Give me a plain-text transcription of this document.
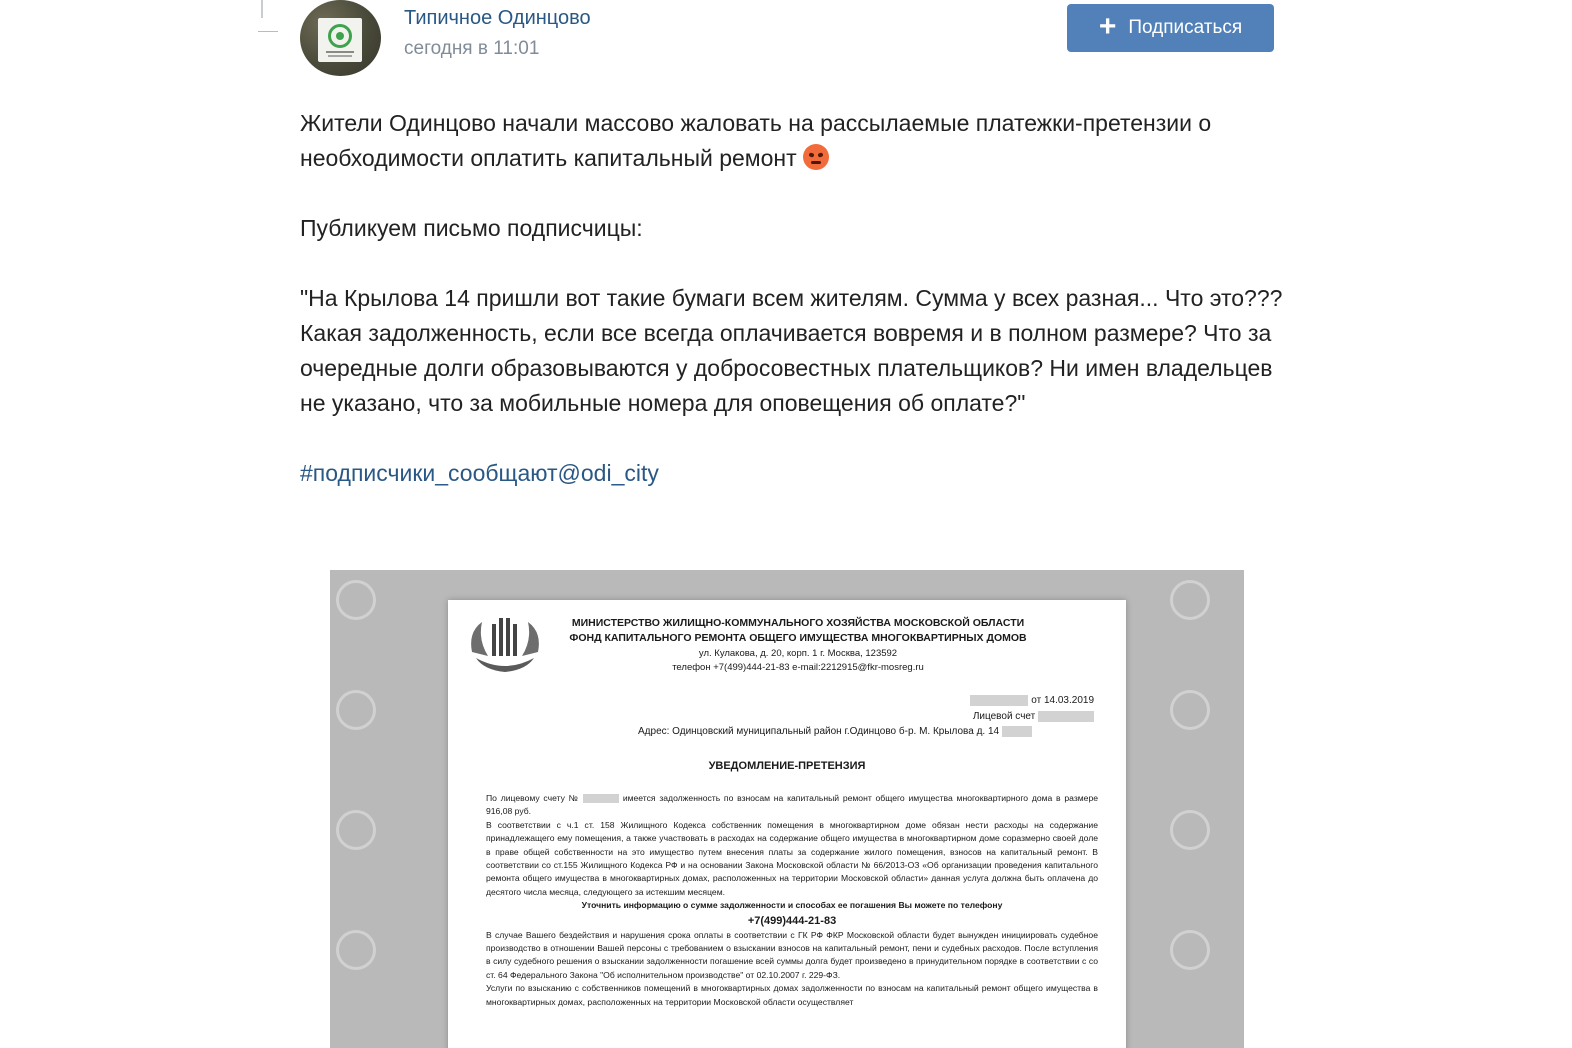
Типичное Одинцово
сегодня в 11:01
+ Подписаться
Жители Одинцово начали массово жаловать на рассылаемые платежки-претензии о необходимости оплатить капитальный ремонт
Публикуем письмо подписчицы:
"На Крылова 14 пришли вот такие бумаги всем жителям. Сумма у всех разная... Что это??? Какая задолженность, если все всегда оплачивается вовремя и в полном размере? Что за очередные долги образовываются у добросовестных плательщиков? Ни имен владельцев не указано, что за мобильные номера для оповещения об оплате?"
#подписчики_сообщают@odi_city
МИНИСТЕРСТВО ЖИЛИЩНО-КОММУНАЛЬНОГО ХОЗЯЙСТВА МОСКОВСКОЙ ОБЛАСТИ
ФОНД КАПИТАЛЬНОГО РЕМОНТА ОБЩЕГО ИМУЩЕСТВА МНОГОКВАРТИРНЫХ ДОМОВ
ул. Кулакова, д. 20, корп. 1 г. Москва, 123592
телефон +7(499)444-21-83 e-mail:2212915@fkr-mosreg.ru
от 14.03.2019
Лицевой счет
Адрес: Одинцовский муниципальный район г.Одинцово б-р. М. Крылова д. 14
УВЕДОМЛЕНИЕ-ПРЕТЕНЗИЯ
По лицевому счету №	имеется задолженность по взносам на капитальный ремонт общего имущества многоквартирного дома в размере 916,08 руб.
В соответствии с ч.1 ст. 158 Жилищного Кодекса собственник помещения в многоквартирном доме обязан нести расходы на содержание принадлежащего ему помещения, а также участвовать в расходах на содержание общего имущества в многоквартирном доме соразмерно своей доле в праве общей собственности на это имущество путем внесения платы за содержание жилого помещения, взносов на капитальный ремонт. В соответствии со ст.155 Жилищного Кодекса РФ и на основании Закона Московской области № 66/2013-ОЗ «Об организации проведения капитального ремонта общего имущества в многоквартирных домах, расположенных на территории Московской области» данная услуга должна быть оплачена до десятого числа месяца, следующего за истекшим месяцем.
Уточнить информацию о сумме задолженности и способах ее погашения Вы можете по телефону
+7(499)444-21-83
В случае Вашего бездействия и нарушения срока оплаты в соответствии с ГК РФ ФКР Московской области будет вынужден инициировать судебное производство в отношении Вашей персоны с требованием о взыскании взносов на капитальный ремонт, пени и судебных расходов. После вступления в силу судебного решения о взыскании задолженности погашение всей суммы долга будет произведено в принудительном порядке в соответствии с со ст. 64 Федерального Закона "Об исполнительном производстве" от 02.10.2007 г. 229-ФЗ.
Услуги по взысканию с собственников помещений в многоквартирных домах задолженности по взносам на капитальный ремонт общего имущества в многоквартирных домах, расположенных на территории Московской области осуществляет
